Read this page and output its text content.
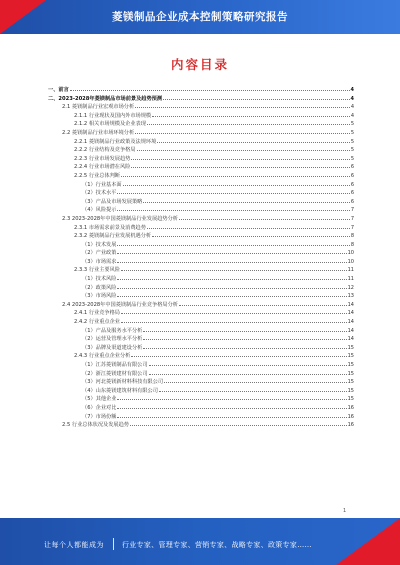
菱镁制品企业成本控制策略研究报告
内容目录
一、前言	4
二、2023-2028年菱镁制品市场前景及趋势预测	4
2.1 菱镁制品行业宏观市场分析	4
2.1.1 行业现状及国内外市场规模	4
2.1.2 相关市场规模及企业表现	5
2.2 菱镁制品行业市场环境分析	5
2.2.1 菱镁制品行业政策及法规环境	5
2.2.2 行业结构及竞争格局	5
2.2.3 行业市场发展趋势	5
2.2.4 行业市场潜在风险	6
2.2.5 行业总体判断	6
（1）行业基本面	6
（2）技术水平	6
（3）产品及市场发展策略	6
（4）风险提示	7
2.3 2023-2028年中国菱镁制品行业发展趋势分析	7
2.3.1 市场需求前景及消费趋势	7
2.3.2 菱镁制品行业发展机遇分析	8
（1）技术发展	8
（2）产业政策	10
（3）市场需求	10
2.3.3 行业主要风险	11
（1）技术风险	11
（2）政策风险	12
（3）市场风险	13
2.4 2023-2028年中国菱镁制品行业竞争格局分析	14
2.4.1 行业竞争格局	14
2.4.2 行业重点企业	14
（1）产品及服务水平分析	14
（2）运营及管理水平分析	14
（3）品牌及渠道建设分析	15
2.4.3 行业重点企业分析	15
（1）江苏菱镁制品有限公司	15
（2）浙江菱镁建材有限公司	15
（3）河北菱镁新材料科技有限公司	15
（4）山东菱镁建筑材料有限公司	15
（5）其他企业	15
（6）企业对比	16
（7）市场份额	16
2.5 行业总体状况及发展趋势	16
1
让每个人都能成为	行业专家、管理专家、营销专家、战略专家、政策专家……
